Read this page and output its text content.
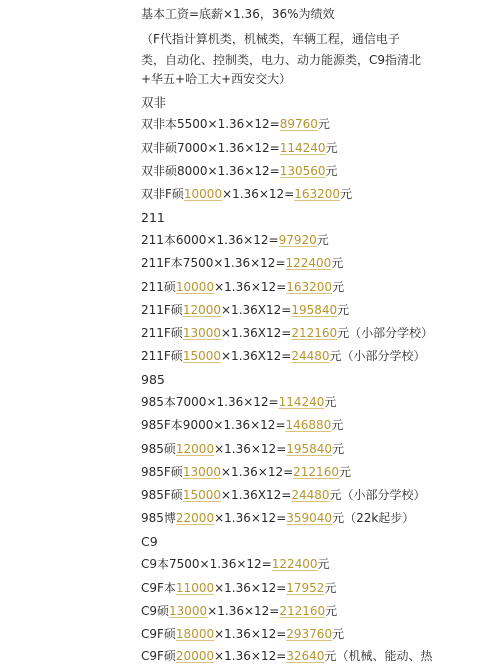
基本工资=底薪×1.36，36%为绩效
（F代指计算机类，机械类，车辆工程，通信电子
类，自动化、控制类，电力、动力能源类，C9指清北
+华五+哈工大+西安交大）
双非
双非本5500×1.36×12=89760元
双非硕7000×1.36×12=114240元
双非硕8000×1.36×12=130560元
双非F硕10000×1.36×12=163200元
211
211本6000×1.36×12=97920元
211F本7500×1.36×12=122400元
211硕10000×1.36×12=163200元
211F硕12000×1.36X12=195840元
211F硕13000×1.36X12=212160元（小部分学校）
211F硕15000×1.36X12=24480元（小部分学校）
985
985本7000×1.36×12=114240元
985F本9000×1.36×12=146880元
985硕12000×1.36×12=195840元
985F硕13000×1.36×12=212160元
985F硕15000×1.36X12=24480元（小部分学校）
985博22000×1.36×12=359040元（22k起步）
C9
C9本7500×1.36×12=122400元
C9F本11000×1.36×12=17952元
C9硕13000×1.36×12=212160元
C9F硕18000×1.36×12=293760元
C9F硕20000×1.36×12=32640元（机械、能动、热
